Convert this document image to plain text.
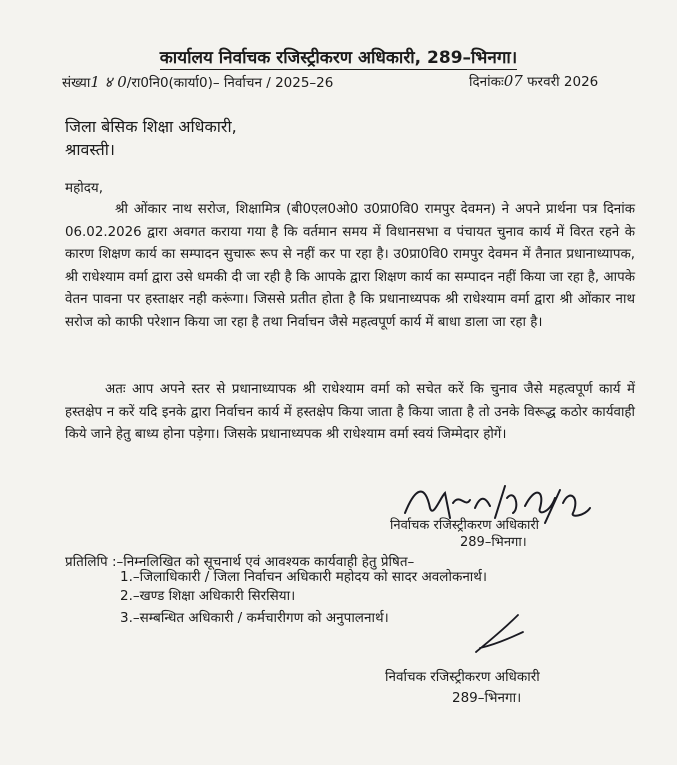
कार्यालय निर्वाचक रजिस्ट्रीकरण अधिकारी, 289–भिनगा।
संख्या1 ४ 0/रा0नि0(कार्या0)– निर्वाचन / 2025–26	दिनांकः07 फरवरी 2026
जिला बेसिक शिक्षा अधिकारी,
श्रावस्ती।
महोदय,
श्री ओंकार नाथ सरोज, शिक्षामित्र (बी0एल0ओ0 उ0प्रा0वि0 रामपुर देवमन) ने अपने प्रार्थना पत्र दिनांक 06.02.2026 द्वारा अवगत कराया गया है कि वर्तमान समय में विधानसभा व पंचायत चुनाव कार्य में विरत रहने के कारण शिक्षण कार्य का सम्पादन सुचारू रूप से नहीं कर पा रहा है। उ0प्रा0वि0 रामपुर देवमन में तैनात प्रधानाध्यापक, श्री राधेश्याम वर्मा द्वारा उसे धमकी दी जा रही है कि आपके द्वारा शिक्षण कार्य का सम्पादन नहीं किया जा रहा है, आपके वेतन पावना पर हस्ताक्षर नही करूंगा। जिससे प्रतीत होता है कि प्रधानाध्यपक श्री राधेश्याम वर्मा द्वारा श्री ओंकार नाथ सरोज को काफी परेशान किया जा रहा है तथा निर्वाचन जैसे महत्वपूर्ण कार्य में बाधा डाला जा रहा है।
अतः आप अपने स्तर से प्रधानाध्यापक श्री राधेश्याम वर्मा को सचेत करें कि चुनाव जैसे महत्वपूर्ण कार्य में हस्तक्षेप न करें यदि इनके द्वारा निर्वाचन कार्य में हस्तक्षेप किया जाता है किया जाता है तो उनके विरूद्ध कठोर कार्यवाही किये जाने हेतु बाध्य होना पड़ेगा। जिसके प्रधानाध्यपक श्री राधेश्याम वर्मा स्वयं जिम्मेदार होगें।
निर्वाचक रजिस्ट्रीकरण अधिकारी
289–भिनगा।
प्रतिलिपि :–निम्नलिखित को सूचनार्थ एवं आवश्यक कार्यवाही हेतु प्रेषित–
1.–जिलाधिकारी / जिला निर्वाचन अधिकारी महोदय को सादर अवलोकनार्थ।
2.–खण्ड शिक्षा अधिकारी सिरसिया।
3.–सम्बन्धित अधिकारी / कर्मचारीगण को अनुपालनार्थ।
निर्वाचक रजिस्ट्रीकरण अधिकारी
289–भिनगा।
